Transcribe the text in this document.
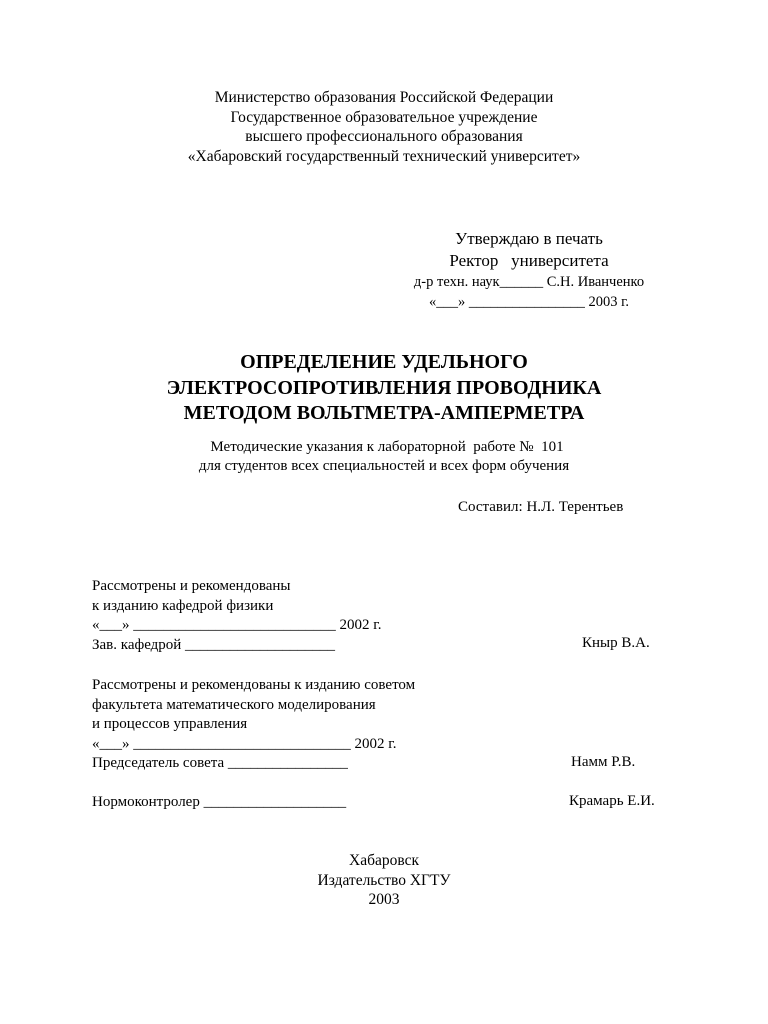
Министерство образования Российской Федерации
Государственное образовательное учреждение
высшего профессионального образования
«Хабаровский государственный технический университет»
Утверждаю в печать
Ректор   университета
д-р техн. наук______ С.Н. Иванченко
«___» ________________ 2003 г.
ОПРЕДЕЛЕНИЕ УДЕЛЬНОГО
ЭЛЕКТРОСОПРОТИВЛЕНИЯ ПРОВОДНИКА
МЕТОДОМ ВОЛЬТМЕТРА-АМПЕРМЕТРА
Методические указания к лабораторной  работе №  101
для студентов всех специальностей и всех форм обучения
Составил: Н.Л. Терентьев
Рассмотрены и рекомендованы
к изданию кафедрой физики
«___» ___________________________ 2002 г.
Зав. кафедрой ____________________	Кныр В.А.
Рассмотрены и рекомендованы к изданию советом
факультета математического моделирования
и процессов управления
«___» _____________________________ 2002 г.
Председатель совета ________________	Намм Р.В.
Нормоконтролер ___________________	Крамарь Е.И.
Хабаровск
Издательство ХГТУ
2003
